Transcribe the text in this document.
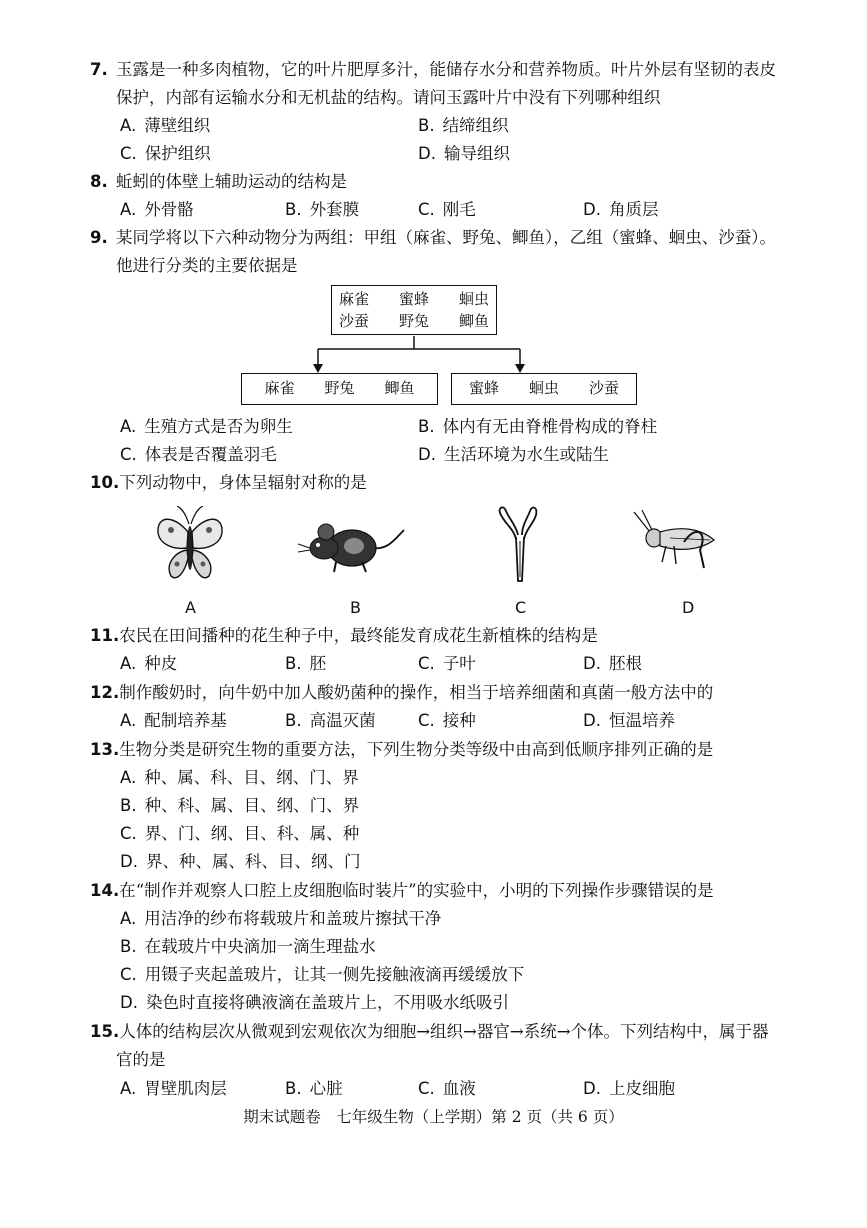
7. 玉露是一种多肉植物，它的叶片肥厚多汁，能储存水分和营养物质。叶片外层有坚韧的表皮
保护，内部有运输水分和无机盐的结构。请问玉露叶片中没有下列哪种组织
A. 薄壁组织	B. 结缔组织
C. 保护组织	D. 输导组织
8. 蚯蚓的体壁上辅助运动的结构是
A. 外骨骼	B. 外套膜	C. 刚毛	D. 角质层
9. 某同学将以下六种动物分为两组：甲组（麻雀、野兔、鲫鱼），乙组（蜜蜂、蛔虫、沙蚕）。
他进行分类的主要依据是
麻雀　　 蜜蜂　　 蛔虫
沙蚕　　 野兔　　 鲫鱼
麻雀　　 野兔　　 鲫鱼	蜜蜂　　 蛔虫　　 沙蚕
A. 生殖方式是否为卵生	B. 体内有无由脊椎骨构成的脊柱
C. 体表是否覆盖羽毛	D. 生活环境为水生或陆生
10.下列动物中，身体呈辐射对称的是
A	B	C	D
11.农民在田间播种的花生种子中，最终能发育成花生新植株的结构是
A. 种皮	B. 胚	C. 子叶	D. 胚根
12.制作酸奶时，向牛奶中加人酸奶菌种的操作，相当于培养细菌和真菌一般方法中的
A. 配制培养基	B. 高温灭菌	C. 接种	D. 恒温培养
13.生物分类是研究生物的重要方法，下列生物分类等级中由高到低顺序排列正确的是
A. 种、属、科、目、纲、门、界
B. 种、科、属、目、纲、门、界
C. 界、门、纲、目、科、属、种
D. 界、种、属、科、目、纲、门
14.在“制作并观察人口腔上皮细胞临时装片”的实验中，小明的下列操作步骤错误的是
A. 用洁净的纱布将载玻片和盖玻片擦拭干净
B. 在载玻片中央滴加一滴生理盐水
C. 用镊子夹起盖玻片，让其一侧先接触液滴再缓缓放下
D. 染色时直接将碘液滴在盖玻片上，不用吸水纸吸引
15.人体的结构层次从微观到宏观依次为细胞→组织→器官→系统→个体。下列结构中，属于器
官的是
A. 胃壁肌肉层	B. 心脏	C. 血液	D. 上皮细胞
期末试题卷　七年级生物（上学期）第 2 页（共 6 页）
